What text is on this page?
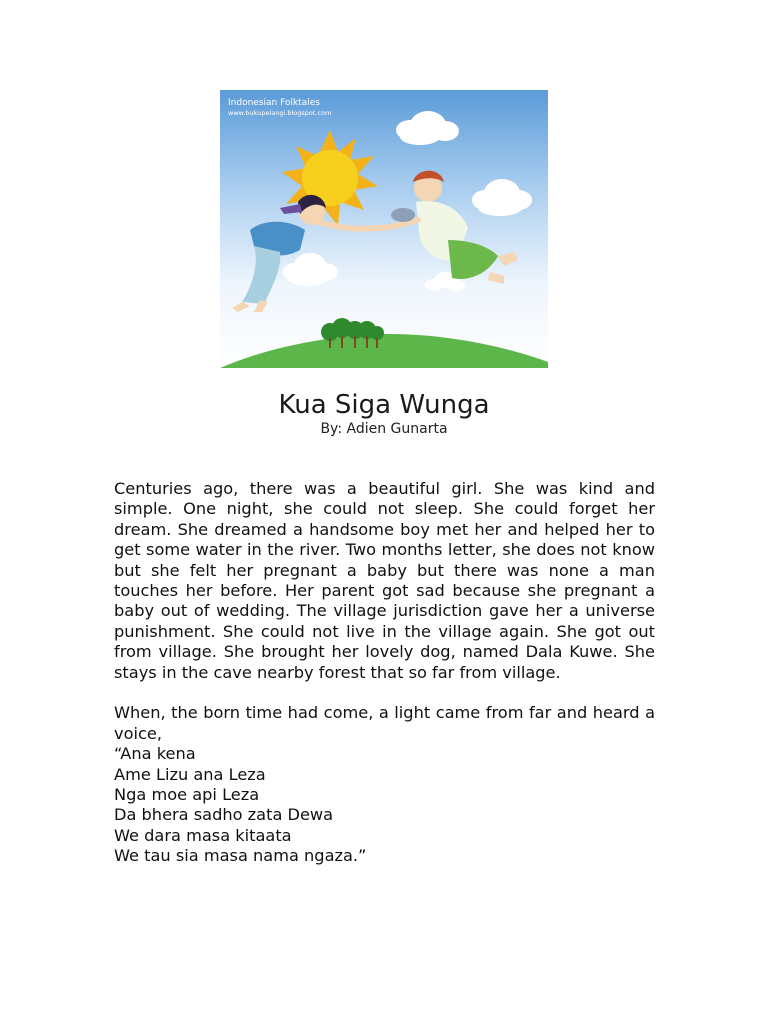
Indonesian Folktales
www.bukupelangi.blogspot.com
Kua Siga Wunga
By: Adien Gunarta

Centuries ago, there was a beautiful girl. She was kind and simple. One night, she could not sleep. She could forget her dream. She dreamed a handsome boy met her and helped her to get some water in the river. Two months letter, she does not know but she felt her pregnant a baby but there was none a man touches her before. Her parent got sad because she pregnant a baby out of wedding. The village jurisdiction gave her a universe punishment. She could not live in the village again. She got out from village. She brought her lovely dog, named Dala Kuwe. She stays in the cave nearby forest that so far from village.

When, the born time had come, a light came from far and heard a voice,

“Ana kena
Ame Lizu ana Leza
Nga moe api Leza
Da bhera sadho zata Dewa
We dara masa kitaata
We tau sia masa nama ngaza.”
